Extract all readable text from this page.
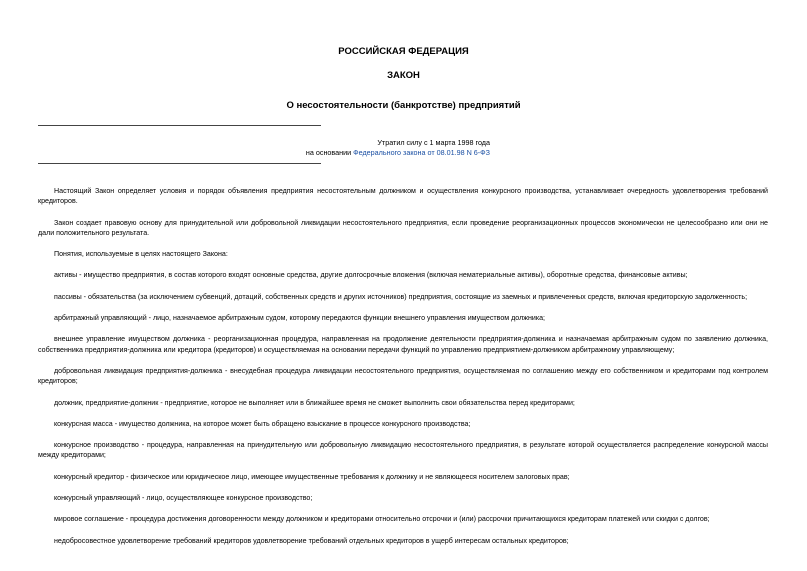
РОССИЙСКАЯ ФЕДЕРАЦИЯ
ЗАКОН
О несостоятельности (банкротстве) предприятий
Утратил силу с 1 марта 1998 года
на основании Федерального закона от 08.01.98 N 6-ФЗ

Настоящий Закон определяет условия и порядок объявления предприятия несостоятельным должником и осуществления конкурсного производства, устанавливает очередность удовлетворения требований кредиторов.

Закон создает правовую основу для принудительной или добровольной ликвидации несостоятельного предприятия, если проведение реорганизационных процессов экономически не целесообразно или они не дали положительного результата.

Понятия, используемые в целях настоящего Закона:

активы - имущество предприятия, в состав которого входят основные средства, другие долгосрочные вложения (включая нематериальные активы), оборотные средства, финансовые активы;

пассивы - обязательства (за исключением субвенций, дотаций, собственных средств и других источников) предприятия, состоящие из заемных и привлеченных средств, включая кредиторскую задолженность;

арбитражный управляющий - лицо, назначаемое арбитражным судом, которому передаются функции внешнего управления имуществом должника;

внешнее управление имуществом должника - реорганизационная процедура, направленная на продолжение деятельности предприятия-должника и назначаемая арбитражным судом по заявлению должника, собственника предприятия-должника или кредитора (кредиторов) и осуществляемая на основании передачи функций по управлению предприятием-должником арбитражному управляющему;

добровольная ликвидация предприятия-должника - внесудебная процедура ликвидации несостоятельного предприятия, осуществляемая по соглашению между его собственником и кредиторами под контролем кредиторов;

должник, предприятие-должник - предприятие, которое не выполняет или в ближайшее время не сможет выполнить свои обязательства перед кредиторами;

конкурсная масса - имущество должника, на которое может быть обращено взыскание в процессе конкурсного производства;

конкурсное производство - процедура, направленная на принудительную или добровольную ликвидацию несостоятельного предприятия, в результате которой осуществляется распределение конкурсной массы между кредиторами;

конкурсный кредитор - физическое или юридическое лицо, имеющее имущественные требования к должнику и не являющееся носителем залоговых прав;

конкурсный управляющий - лицо, осуществляющее конкурсное производство;

мировое соглашение - процедура достижения договоренности между должником и кредиторами относительно отсрочки и (или) рассрочки причитающихся кредиторам платежей или скидки с долгов;

недобросовестное удовлетворение требований кредиторов удовлетворение требований отдельных кредиторов в ущерб интересам остальных кредиторов;
